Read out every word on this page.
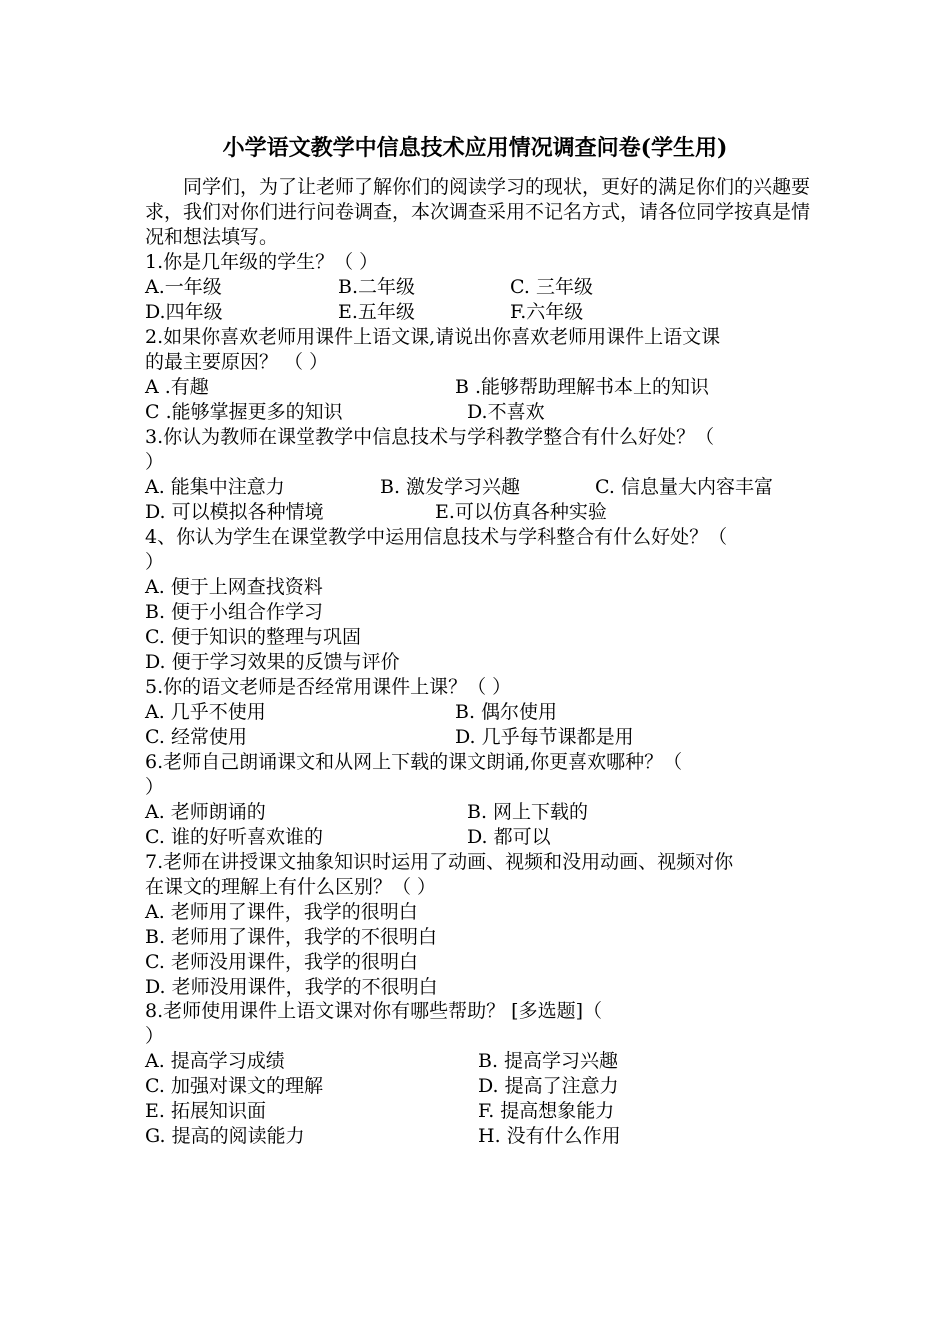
小学语文教学中信息技术应用情况调查问卷(学生用)
同学们，为了让老师了解你们的阅读学习的现状，更好的满足你们的兴趣要求，我们对你们进行问卷调查，本次调查采用不记名方式，请各位同学按真是情况和想法填写。
1.你是几年级的学生？（ ）
A.一年级	B.二年级	C. 三年级
D.四年级	E.五年级	F.六年级
2.如果你喜欢老师用课件上语文课,请说出你喜欢老师用课件上语文课
的最主要原因？ （ ）
A .有趣	B .能够帮助理解书本上的知识
C .能够掌握更多的知识	D.不喜欢
3.你认为教师在课堂教学中信息技术与学科教学整合有什么好处？（
）
A. 能集中注意力	B. 激发学习兴趣	C. 信息量大内容丰富
D. 可以模拟各种情境	E.可以仿真各种实验
4、你认为学生在课堂教学中运用信息技术与学科整合有什么好处？（
）
A. 便于上网查找资料
B. 便于小组合作学习
C. 便于知识的整理与巩固
D. 便于学习效果的反馈与评价
5.你的语文老师是否经常用课件上课？（ ）
A. 几乎不使用	B. 偶尔使用
C. 经常使用	D. 几乎每节课都是用
6.老师自己朗诵课文和从网上下载的课文朗诵,你更喜欢哪种？（
）
A. 老师朗诵的	B. 网上下载的
C. 谁的好听喜欢谁的	D. 都可以
7.老师在讲授课文抽象知识时运用了动画、视频和没用动画、视频对你
在课文的理解上有什么区别？（ ）
A. 老师用了课件，我学的很明白
B. 老师用了课件，我学的不很明白
C. 老师没用课件，我学的很明白
D. 老师没用课件，我学的不很明白
8.老师使用课件上语文课对你有哪些帮助？ [多选题]（
）
A. 提高学习成绩	B. 提高学习兴趣
C. 加强对课文的理解	D. 提高了注意力
E. 拓展知识面	F. 提高想象能力
G. 提高的阅读能力	H. 没有什么作用
